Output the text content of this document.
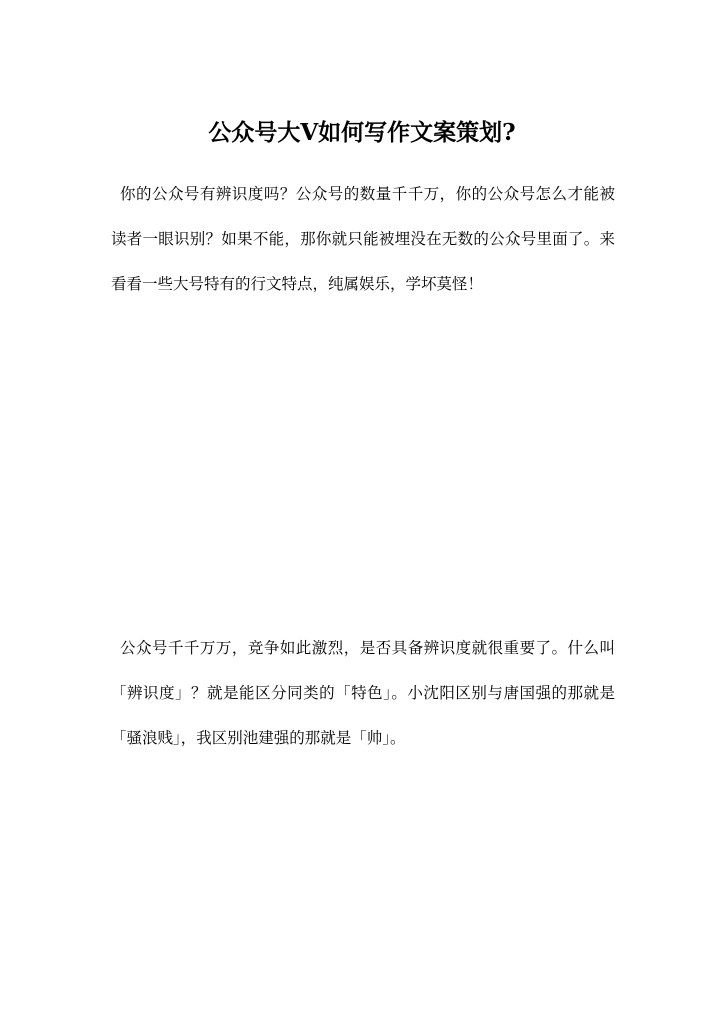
公众号大V如何写作文案策划?

你的公众号有辨识度吗？公众号的数量千千万，你的公众号怎么才能被读者一眼识别？如果不能，那你就只能被埋没在无数的公众号里面了。来看看一些大号特有的行文特点，纯属娱乐，学坏莫怪！

公众号千千万万，竞争如此激烈，是否具备辨识度就很重要了。什么叫「辨识度」？就是能区分同类的「特色」。小沈阳区别与唐国强的那就是「骚浪贱」，我区别池建强的那就是「帅」。
